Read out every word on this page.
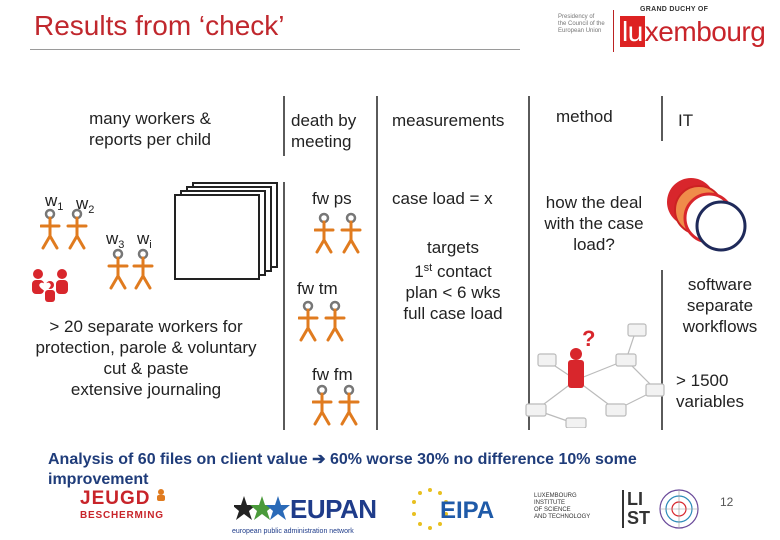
Results from ‘check’	Presidency of
the Council of the
European Union
GRAND DUCHY OF
luxembourg
many workers &
reports per child
$w_1$ $w_2$
$w_3$ $w_i$
> 20 separate workers for
protection, parole & voluntary
cut & paste
extensive journaling
death by
meeting
fw ps
fw tm
fw fm
measurements
case load = x
targets
1st contact
plan < 6 wks
full case load
method
how the deal
with the case
load?
?
IT
software
separate
workflows
> 1500
variables
Analysis of 60 files on client value ➔ 60% worse 30% no difference 10% some improvement
12
JEUGD
BESCHERMING	EUPAN
european public administration network
EIPA
LUXEMBOURG
INSTITUTE
OF SCIENCE
AND TECHNOLOGY
LI
ST
